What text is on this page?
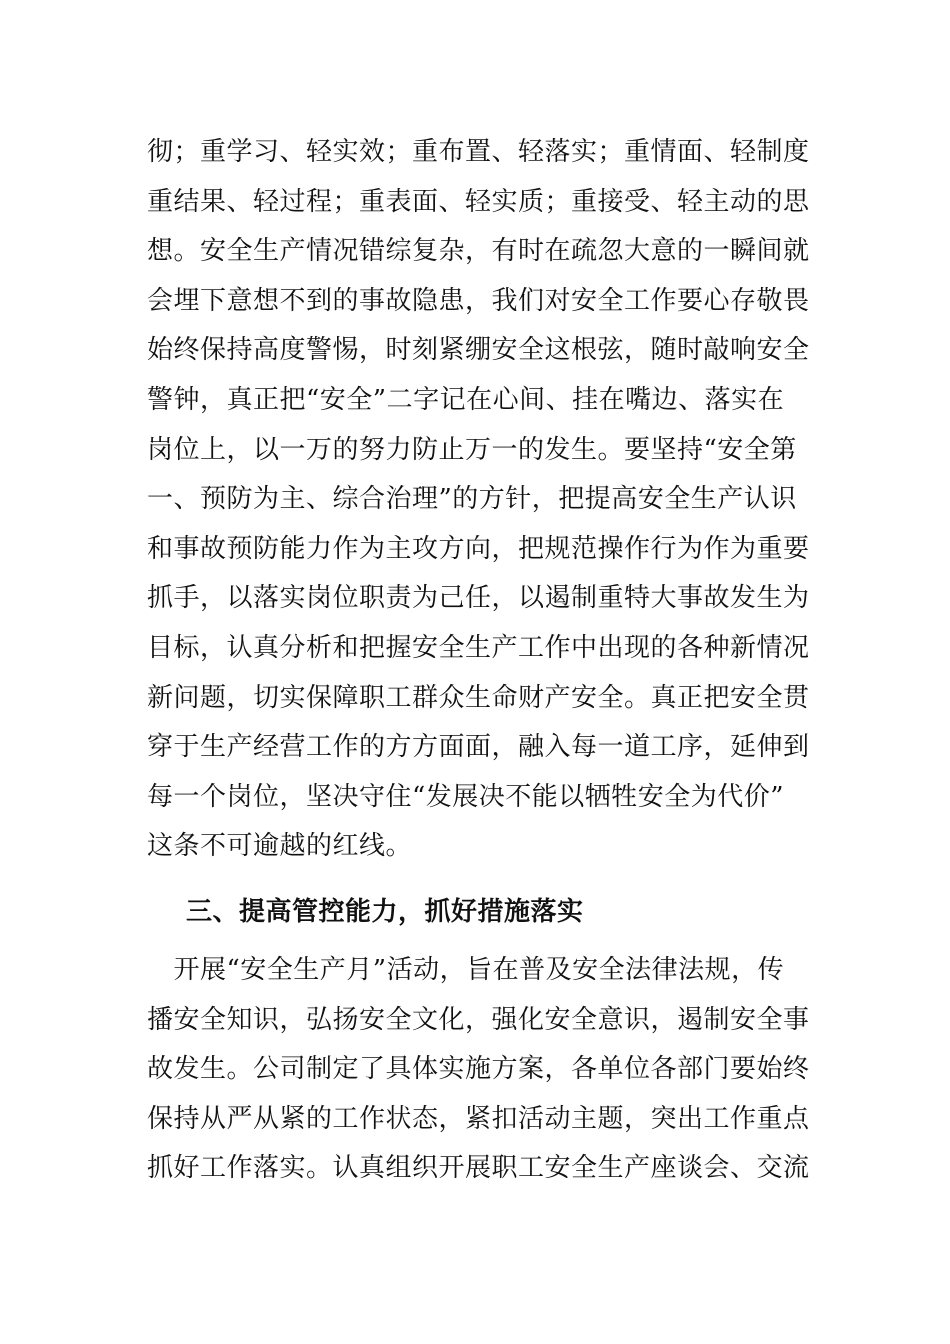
彻；重学习、轻实效；重布置、轻落实；重情面、轻制度
重结果、轻过程；重表面、轻实质；重接受、轻主动的思
想。安全生产情况错综复杂，有时在疏忽大意的一瞬间就
会埋下意想不到的事故隐患，我们对安全工作要心存敬畏
始终保持高度警惕，时刻紧绷安全这根弦，随时敲响安全
警钟，真正把“安全”二字记在心间、挂在嘴边、落实在
岗位上，以一万的努力防止万一的发生。要坚持“安全第
一、预防为主、综合治理”的方针，把提高安全生产认识
和事故预防能力作为主攻方向，把规范操作行为作为重要
抓手，以落实岗位职责为己任，以遏制重特大事故发生为
目标，认真分析和把握安全生产工作中出现的各种新情况
新问题，切实保障职工群众生命财产安全。真正把安全贯
穿于生产经营工作的方方面面，融入每一道工序，延伸到
每一个岗位，坚决守住“发展决不能以牺牲安全为代价”
这条不可逾越的红线。
三、提高管控能力，抓好措施落实
　开展“安全生产月”活动，旨在普及安全法律法规，传
播安全知识，弘扬安全文化，强化安全意识，遏制安全事
故发生。公司制定了具体实施方案，各单位各部门要始终
保持从严从紧的工作状态，紧扣活动主题，突出工作重点
抓好工作落实。认真组织开展职工安全生产座谈会、交流
